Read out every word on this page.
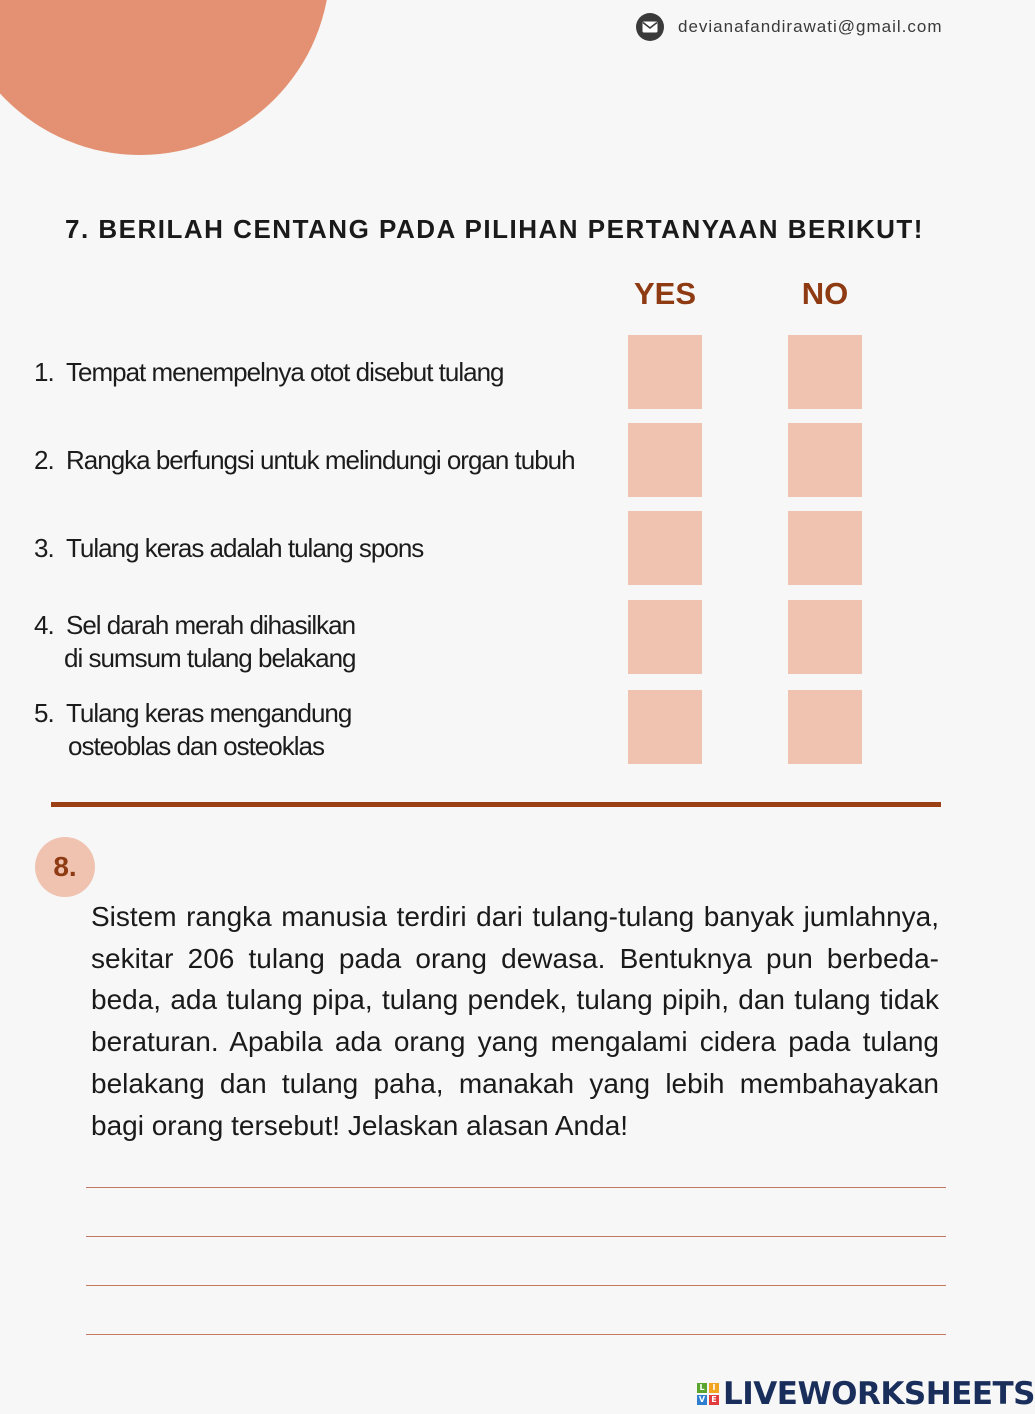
devianafandirawati@gmail.com
7. BERILAH CENTANG PADA PILIHAN PERTANYAAN BERIKUT!
YES	NO
1. Tempat menempelnya otot disebut tulang
2. Rangka berfungsi untuk melindungi organ tubuh
3. Tulang keras adalah tulang spons
4. Sel darah merah dihasilkan
di sumsum tulang belakang
5. Tulang keras mengandung
osteoblas dan osteoklas
8.

Sistem rangka manusia terdiri dari tulang-tulang banyak jumlahnya, sekitar 206 tulang pada orang dewasa. Bentuknya pun berbeda-beda, ada tulang pipa, tulang pendek, tulang pipih, dan tulang tidak beraturan. Apabila ada orang yang mengalami cidera pada tulang belakang dan tulang paha, manakah yang lebih membahayakan bagi orang tersebut! Jelaskan alasan Anda!

L I
V E LIVEWORKSHEETS
